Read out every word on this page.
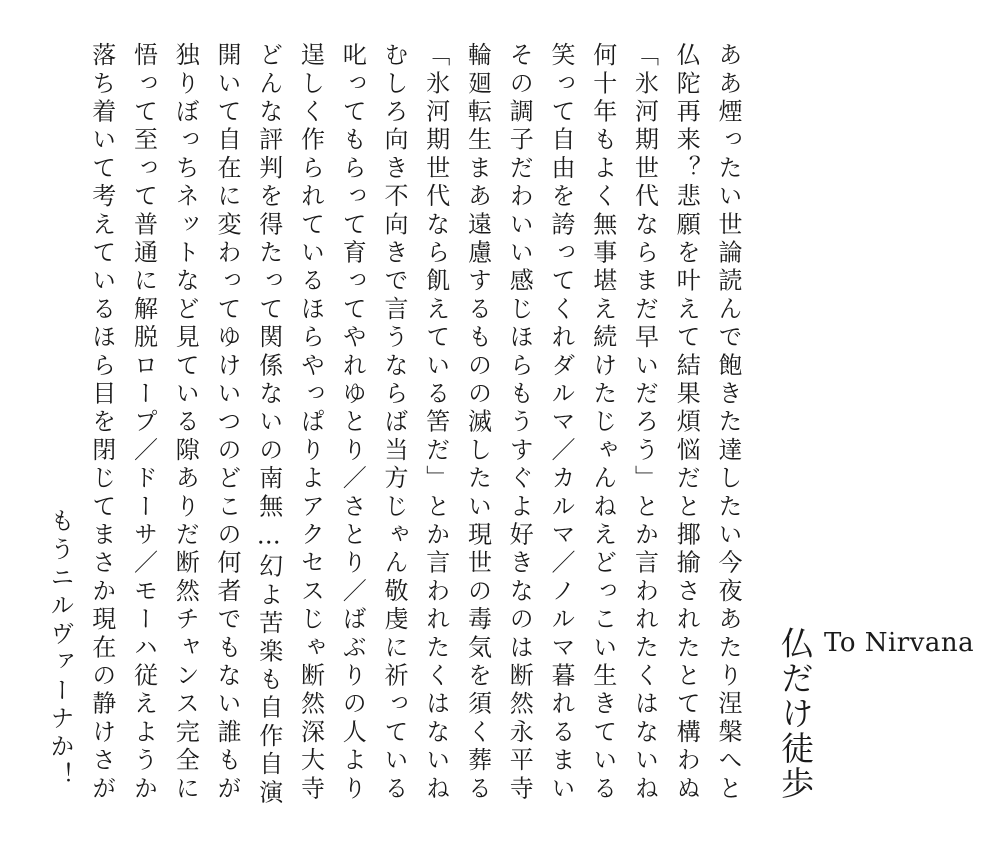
ああ煙ったい世論読んで飽きた達したい今夜あたり涅槃へと
仏陀再来？悲願を叶えて結果煩悩だと揶揄されたとて構わぬ
「氷河期世代ならまだ早いだろう」とか言われたくはないね
何十年もよく無事堪え続けたじゃんねえどっこい生きている
笑って自由を誇ってくれダルマ／カルマ／ノルマ暮れるまい
その調子だわいい感じほらもうすぐよ好きなのは断然永平寺
輪廻転生まあ遠慮するものの滅したい現世の毒気を須く葬る
「氷河期世代なら飢えている筈だ」とか言われたくはないね
むしろ向き不向きで言うならば当方じゃん敬虔に祈っている
叱ってもらって育ってやれゆとり／さとり／ばぶりの人より
逞しく作られているほらやっぱりよアクセスじゃ断然深大寺
どんな評判を得たって関係ないの南無…幻よ苦楽も自作自演
開いて自在に変わってゆけいつのどこの何者でもない誰もが
独りぼっちネットなど見ている隙ありだ断然チャンス完全に
悟って至って普通に解脱ロープ／ドーサ／モーハ従えようか
落ち着いて考えているほら目を閉じてまさか現在の静けさが
もうニルヴァーナか！	仏だけ徒歩 To Nirvana
